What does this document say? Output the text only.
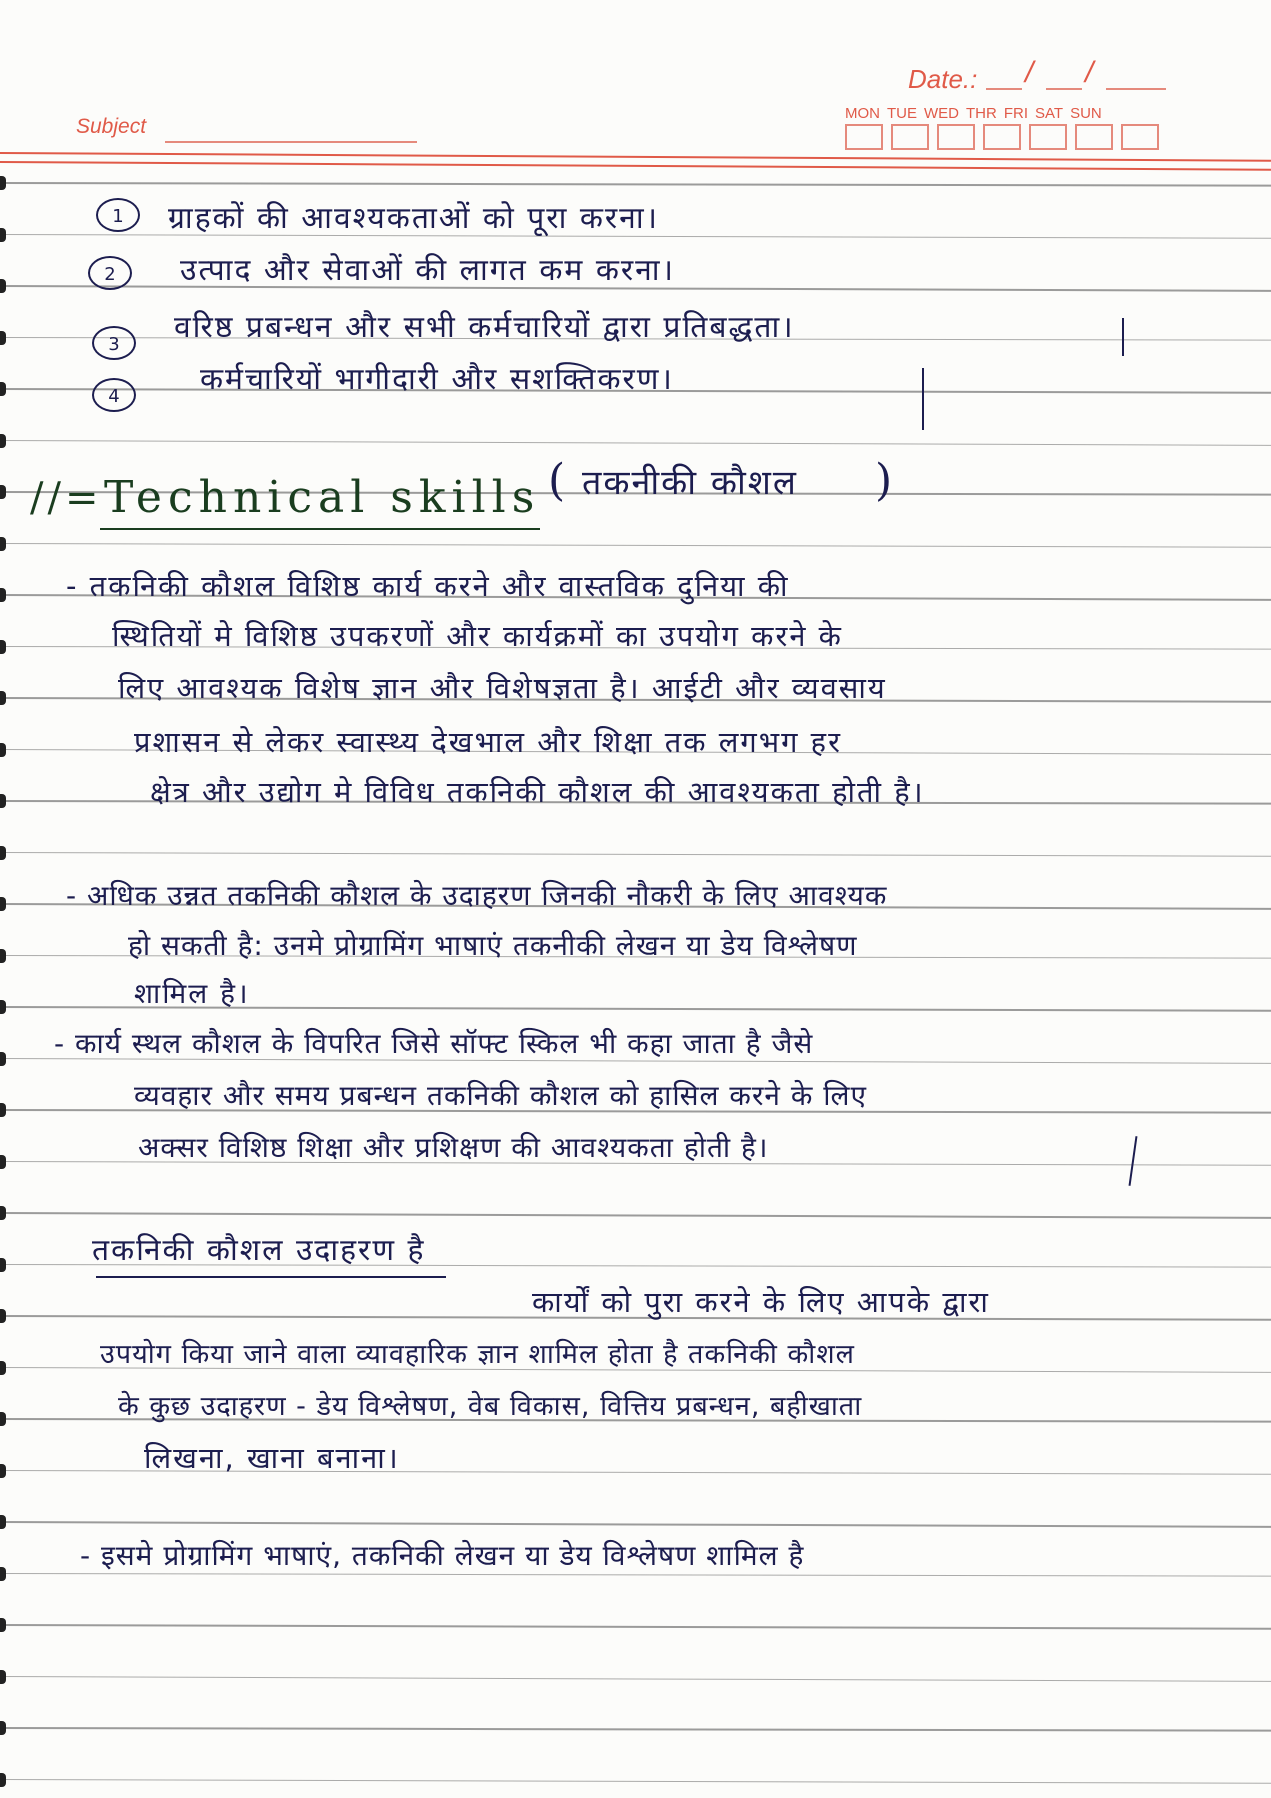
Subject
Date.: / /
MON TUE WED THR FRI SAT SUN
1	ग्राहकों की आवश्यकताओं को पूरा करना।
2	उत्पाद और सेवाओं की लागत कम करना।
3	वरिष्ठ प्रबन्धन और सभी कर्मचारियों द्वारा प्रतिबद्धता।
4	कर्मचारियों भागीदारी और सशक्तिकरण।
//= Technical skills ( तकनीकी कौशल )
- तकनिकी कौशल विशिष्ठ कार्य करने और वास्तविक दुनिया की
स्थितियों मे विशिष्ठ उपकरणों और कार्यक्रमों का उपयोग करने के
लिए आवश्यक विशेष ज्ञान और विशेषज्ञता है। आईटी और व्यवसाय
प्रशासन से लेकर स्वास्थ्य देखभाल और शिक्षा तक लगभग हर
क्षेत्र और उद्योग मे विविध तकनिकी कौशल की आवश्यकता होती है।
- अधिक उन्नत तकनिकी कौशल के उदाहरण जिनकी नौकरी के लिए आवश्यक
हो सकती है: उनमे प्रोग्रामिंग भाषाएं तकनीकी लेखन या डेय विश्लेषण
शामिल है।
- कार्य स्थल कौशल के विपरित जिसे सॉफ्ट स्किल भी कहा जाता है जैसे
व्यवहार और समय प्रबन्धन तकनिकी कौशल को हासिल करने के लिए
अक्सर विशिष्ठ शिक्षा और प्रशिक्षण की आवश्यकता होती है।
तकनिकी कौशल उदाहरण है
कार्यों को पुरा करने के लिए आपके द्वारा
उपयोग किया जाने वाला व्यावहारिक ज्ञान शामिल होता है तकनिकी कौशल
के कुछ उदाहरण - डेय विश्लेषण, वेब विकास, वित्तिय प्रबन्धन, बहीखाता
लिखना, खाना बनाना।
- इसमे प्रोग्रामिंग भाषाएं, तकनिकी लेखन या डेय विश्लेषण शामिल है
